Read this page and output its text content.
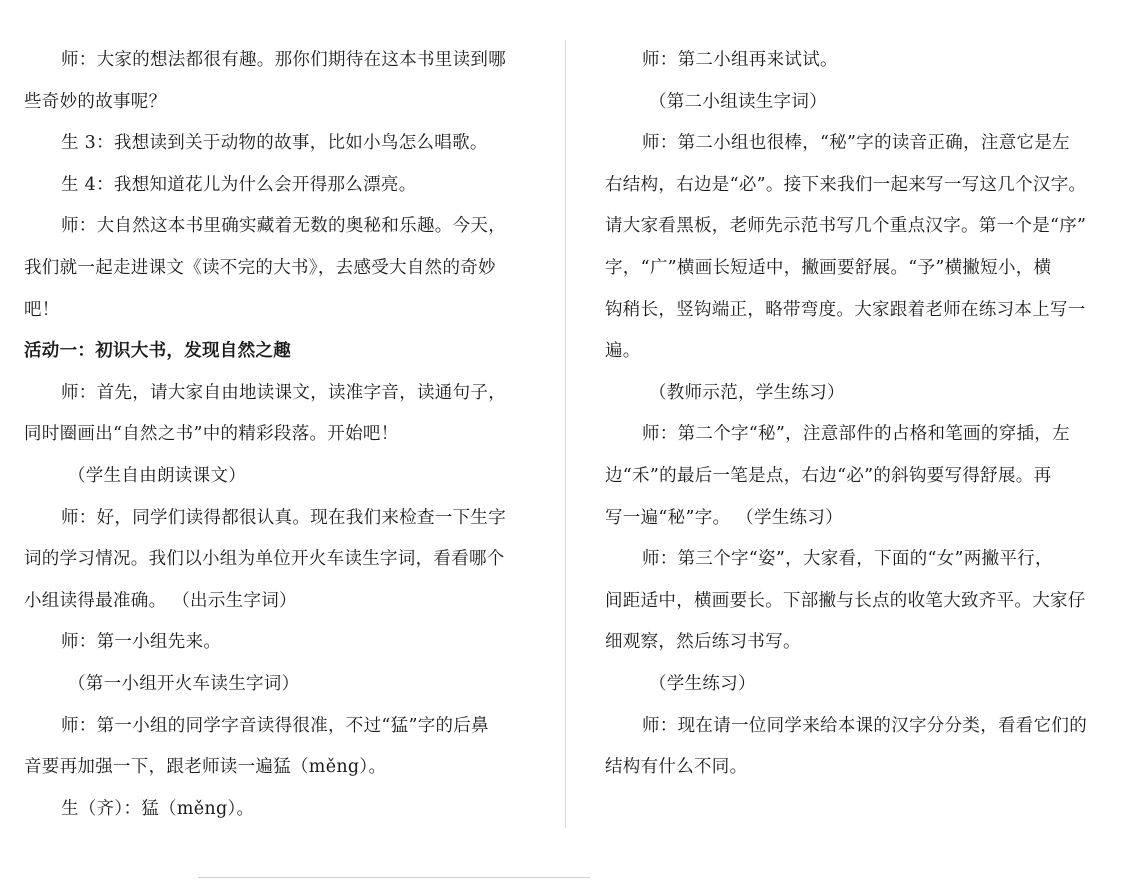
师：大家的想法都很有趣。那你们期待在这本书里读到哪
些奇妙的故事呢？
生 3：我想读到关于动物的故事，比如小鸟怎么唱歌。
生 4：我想知道花儿为什么会开得那么漂亮。
师：大自然这本书里确实藏着无数的奥秘和乐趣。今天，
我们就一起走进课文《读不完的大书》，去感受大自然的奇妙
吧！
活动一：初识大书，发现自然之趣
师：首先，请大家自由地读课文，读准字音，读通句子，
同时圈画出“自然之书”中的精彩段落。开始吧！
（学生自由朗读课文）
师：好，同学们读得都很认真。现在我们来检查一下生字
词的学习情况。我们以小组为单位开火车读生字词，看看哪个
小组读得最准确。 （出示生字词）
师：第一小组先来。
（第一小组开火车读生字词）
师：第一小组的同学字音读得很准，不过“猛”字的后鼻
音要再加强一下，跟老师读一遍猛（měng）。
生（齐）：猛（měng）。
师：第二小组再来试试。
（第二小组读生字词）
师：第二小组也很棒，“秘”字的读音正确，注意它是左
右结构，右边是“必”。接下来我们一起来写一写这几个汉字。
请大家看黑板，老师先示范书写几个重点汉字。第一个是“序”
字，“广”横画长短适中，撇画要舒展。“予”横撇短小，横
钩稍长，竖钩端正，略带弯度。大家跟着老师在练习本上写一
遍。
（教师示范，学生练习）
师：第二个字“秘”，注意部件的占格和笔画的穿插，左
边“禾”的最后一笔是点，右边“必”的斜钩要写得舒展。再
写一遍“秘”字。 （学生练习）
师：第三个字“姿”，大家看，下面的“女”两撇平行，
间距适中，横画要长。下部撇与长点的收笔大致齐平。大家仔
细观察，然后练习书写。
（学生练习）
师：现在请一位同学来给本课的汉字分分类，看看它们的
结构有什么不同。
